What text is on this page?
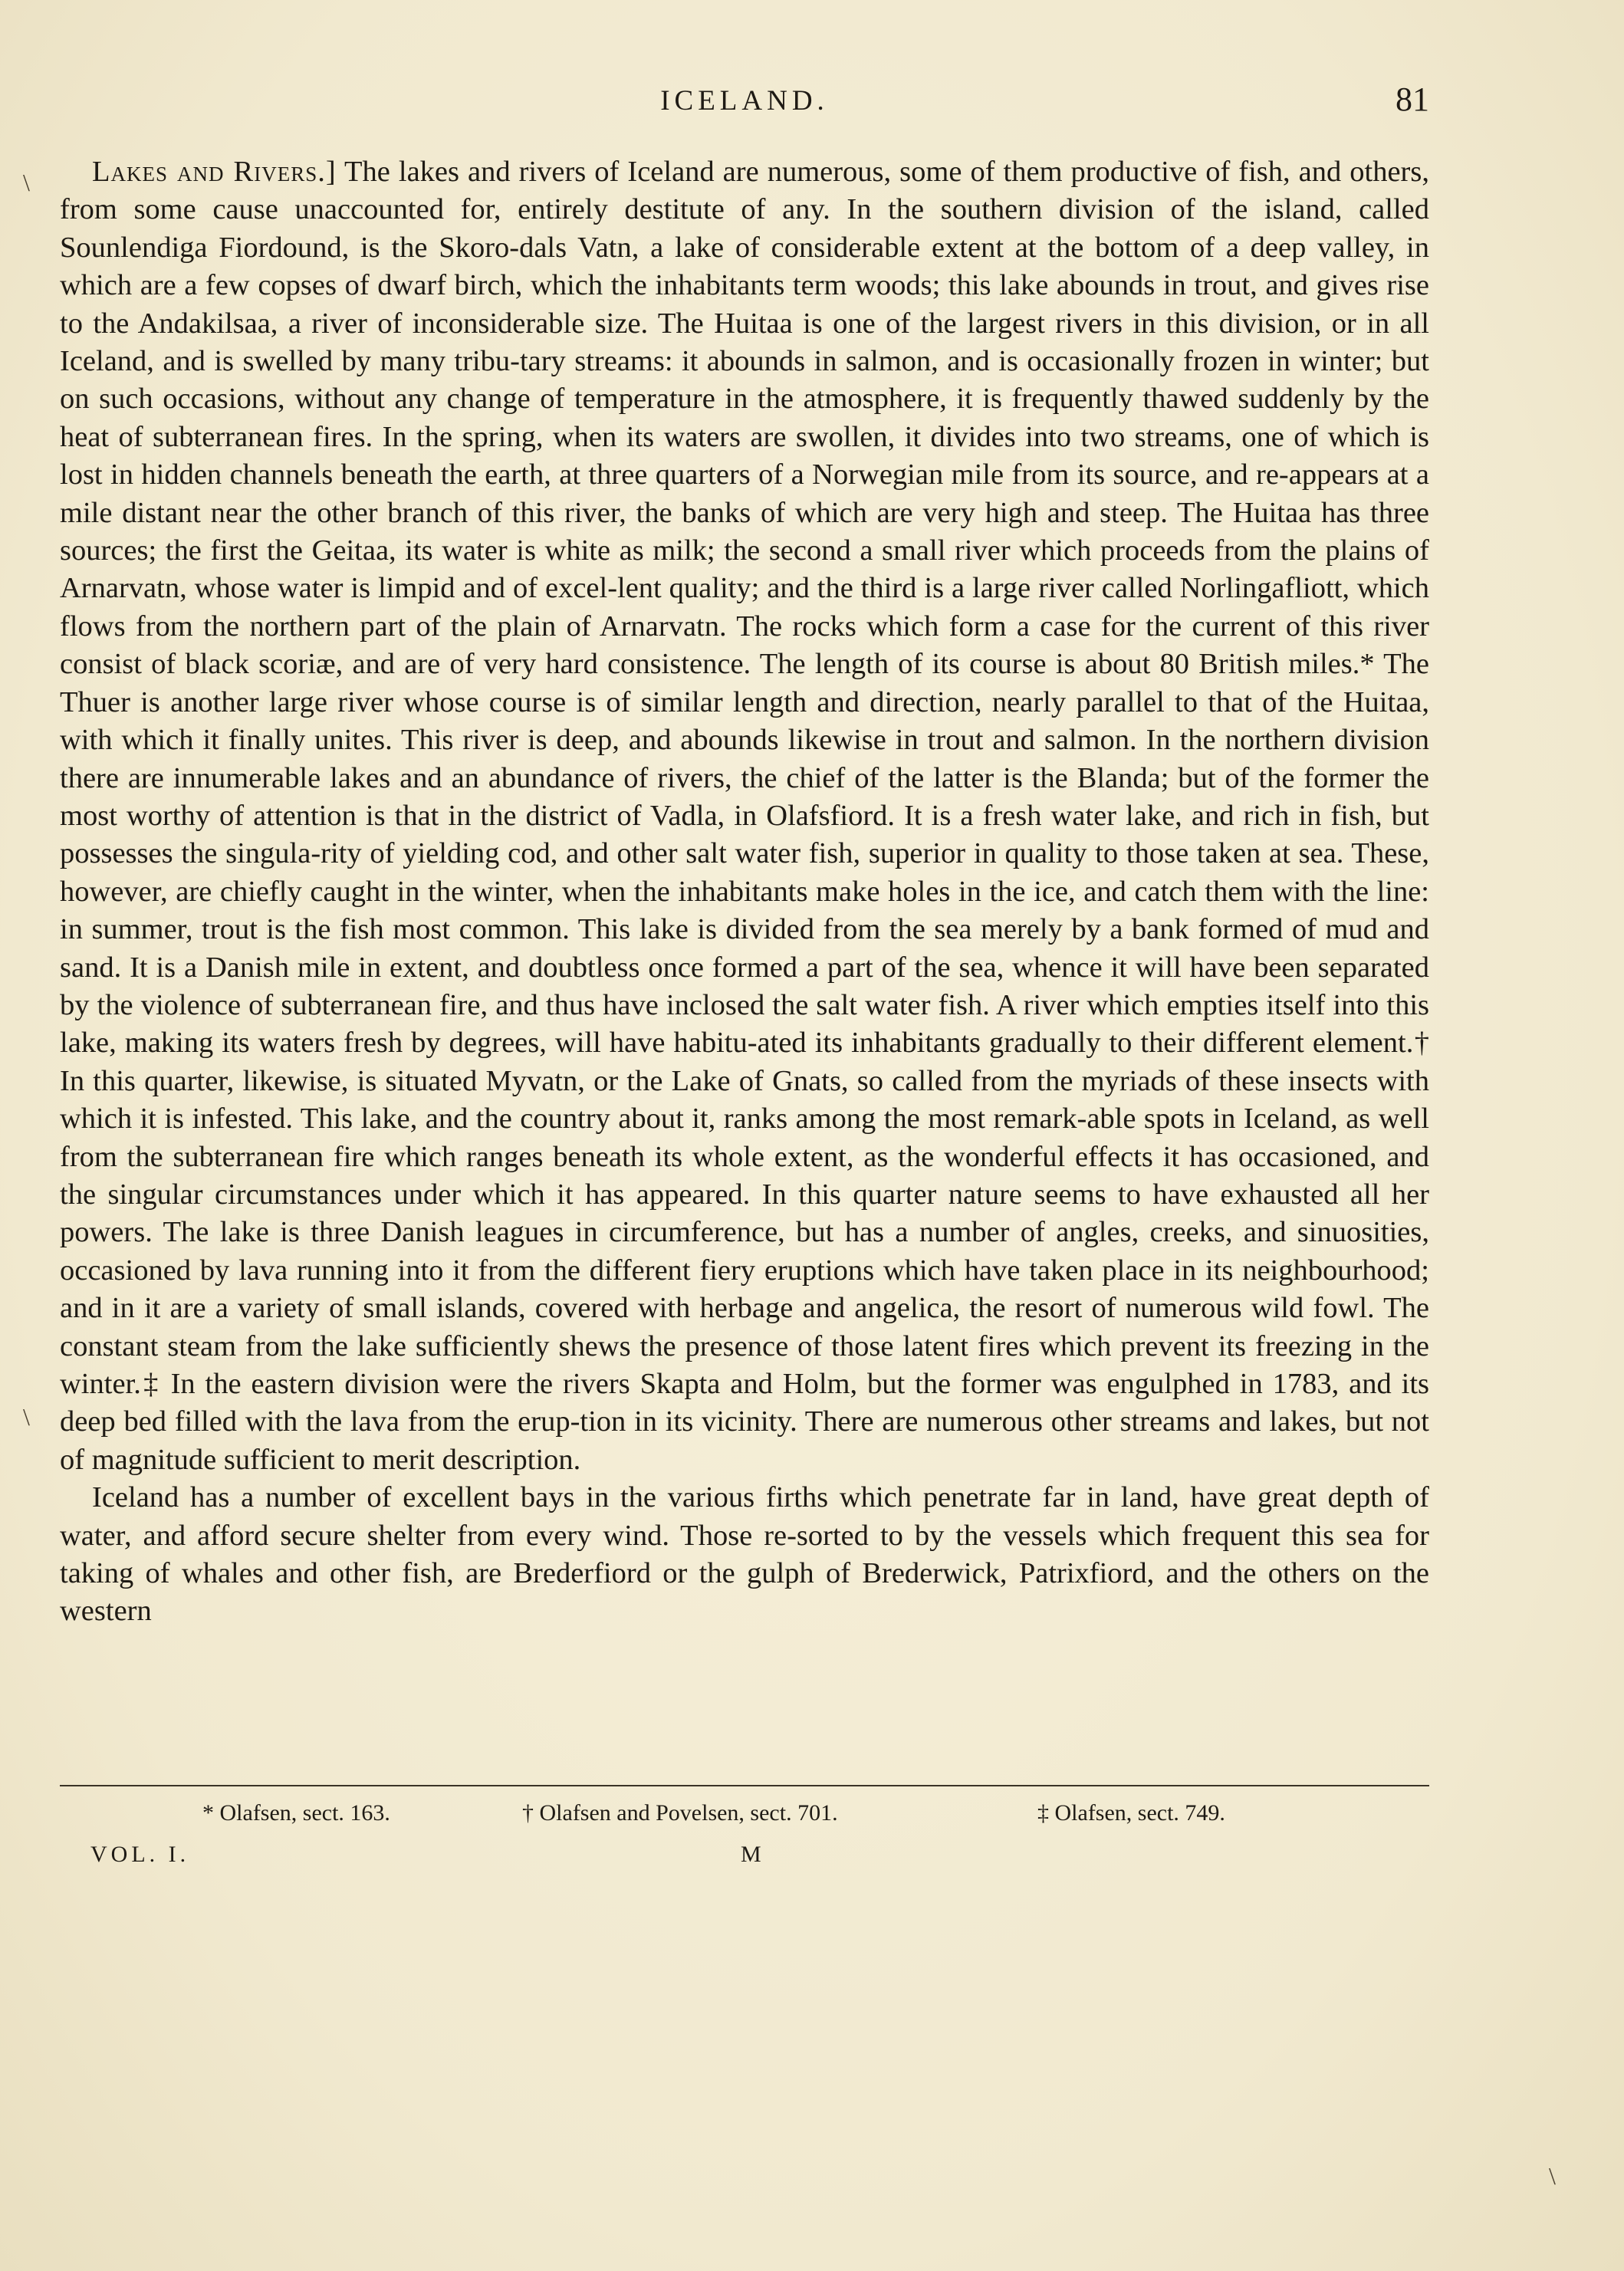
\
\
\
ICELAND.	81

Lakes and Rivers.] The lakes and rivers of Iceland are numerous, some of them productive of fish, and others, from some cause unaccounted for, entirely destitute of any. In the southern division of the island, called Sounlendiga Fiordound, is the Skoro-dals Vatn, a lake of considerable extent at the bottom of a deep valley, in which are a few copses of dwarf birch, which the inhabitants term woods; this lake abounds in trout, and gives rise to the Andakilsaa, a river of inconsiderable size. The Huitaa is one of the largest rivers in this division, or in all Iceland, and is swelled by many tribu-tary streams: it abounds in salmon, and is occasionally frozen in winter; but on such occasions, without any change of temperature in the atmosphere, it is frequently thawed suddenly by the heat of subterranean fires. In the spring, when its waters are swollen, it divides into two streams, one of which is lost in hidden channels beneath the earth, at three quarters of a Norwegian mile from its source, and re-appears at a mile distant near the other branch of this river, the banks of which are very high and steep. The Huitaa has three sources; the first the Geitaa, its water is white as milk; the second a small river which proceeds from the plains of Arnarvatn, whose water is limpid and of excel-lent quality; and the third is a large river called Norlingafliott, which flows from the northern part of the plain of Arnarvatn. The rocks which form a case for the current of this river consist of black scoriæ, and are of very hard consistence. The length of its course is about 80 British miles.* The Thuer is another large river whose course is of similar length and direction, nearly parallel to that of the Huitaa, with which it finally unites. This river is deep, and abounds likewise in trout and salmon. In the northern division there are innumerable lakes and an abundance of rivers, the chief of the latter is the Blanda; but of the former the most worthy of attention is that in the district of Vadla, in Olafsfiord. It is a fresh water lake, and rich in fish, but possesses the singula-rity of yielding cod, and other salt water fish, superior in quality to those taken at sea. These, however, are chiefly caught in the winter, when the inhabitants make holes in the ice, and catch them with the line: in summer, trout is the fish most common. This lake is divided from the sea merely by a bank formed of mud and sand. It is a Danish mile in extent, and doubtless once formed a part of the sea, whence it will have been separated by the violence of subterranean fire, and thus have inclosed the salt water fish. A river which empties itself into this lake, making its waters fresh by degrees, will have habitu-ated its inhabitants gradually to their different element.† In this quarter, likewise, is situated Myvatn, or the Lake of Gnats, so called from the myriads of these insects with which it is infested. This lake, and the country about it, ranks among the most remark-able spots in Iceland, as well from the subterranean fire which ranges beneath its whole extent, as the wonderful effects it has occasioned, and the singular circumstances under which it has appeared. In this quarter nature seems to have exhausted all her powers. The lake is three Danish leagues in circumference, but has a number of angles, creeks, and sinuosities, occasioned by lava running into it from the different fiery eruptions which have taken place in its neighbourhood; and in it are a variety of small islands, covered with herbage and angelica, the resort of numerous wild fowl. The constant steam from the lake sufficiently shews the presence of those latent fires which prevent its freezing in the winter.‡ In the eastern division were the rivers Skapta and Holm, but the former was engulphed in 1783, and its deep bed filled with the lava from the erup-tion in its vicinity. There are numerous other streams and lakes, but not of magnitude sufficient to merit description.

Iceland has a number of excellent bays in the various firths which penetrate far in land, have great depth of water, and afford secure shelter from every wind. Those re-sorted to by the vessels which frequent this sea for taking of whales and other fish, are Brederfiord or the gulph of Brederwick, Patrixfiord, and the others on the western

* Olafsen, sect. 163.	† Olafsen and Povelsen, sect. 701.	‡ Olafsen, sect. 749.
VOL. I.	M
